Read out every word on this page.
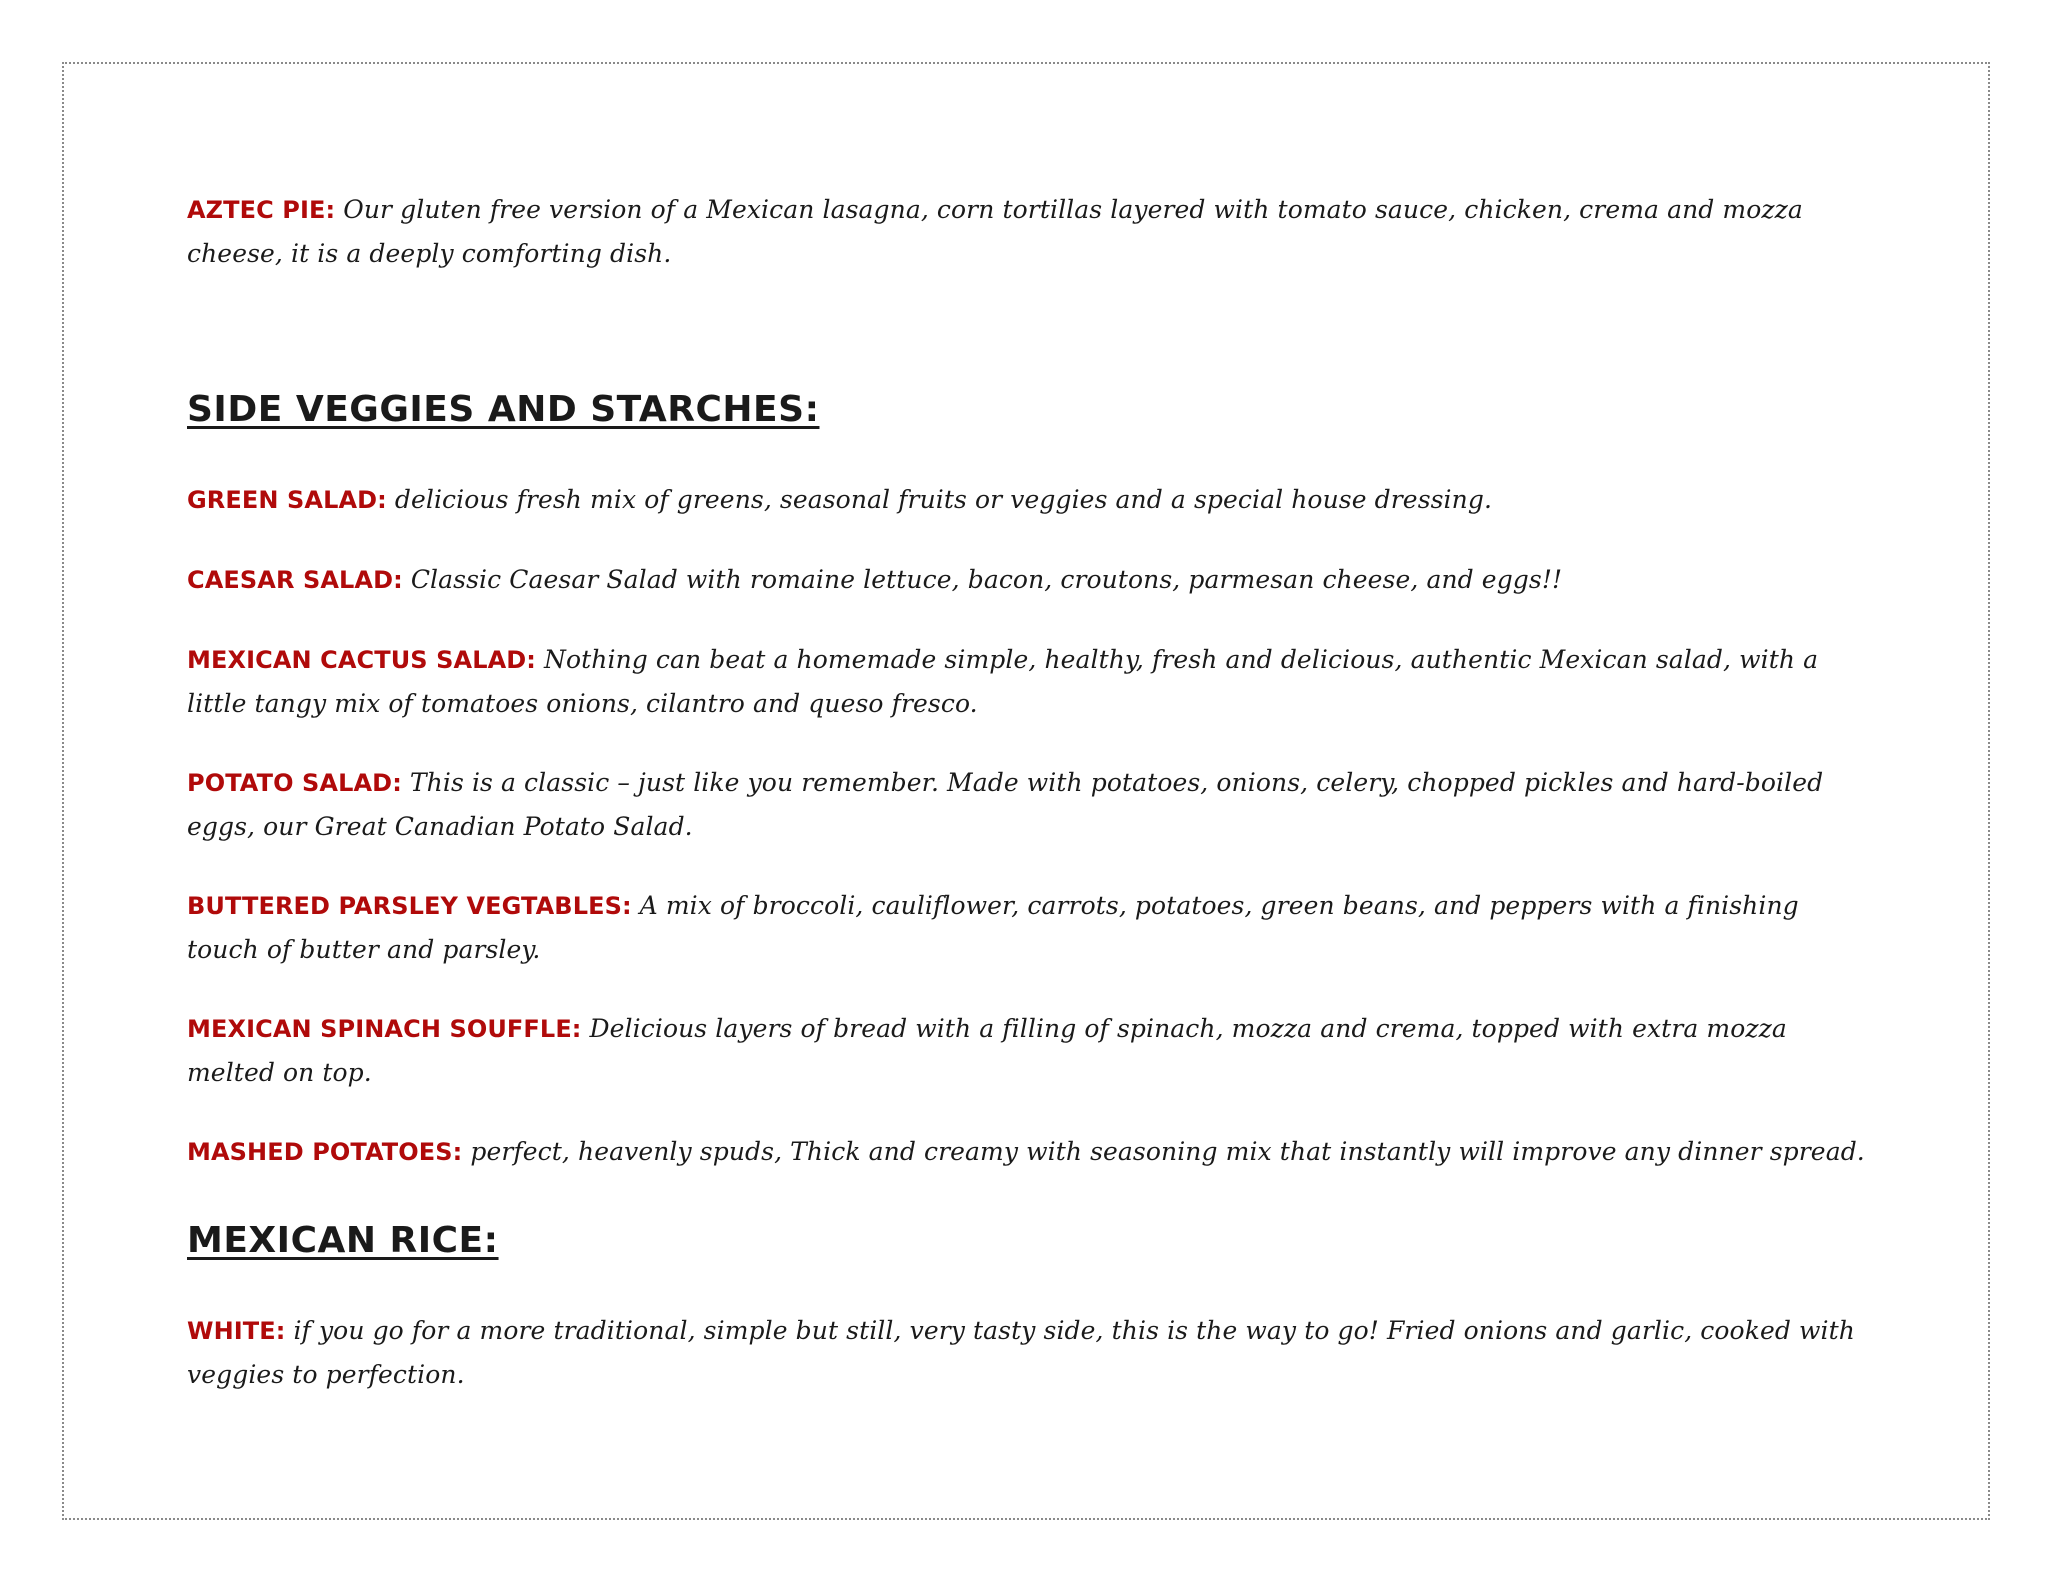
AZTEC PIE: Our gluten free version of a Mexican lasagna, corn tortillas layered with tomato sauce, chicken, crema and mozza cheese, it is a deeply comforting dish.

SIDE VEGGIES AND STARCHES:

GREEN SALAD: delicious fresh mix of greens, seasonal fruits or veggies and a special house dressing.

CAESAR SALAD: Classic Caesar Salad with romaine lettuce, bacon, croutons, parmesan cheese, and eggs!!

MEXICAN CACTUS SALAD: Nothing can beat a homemade simple, healthy, fresh and delicious, authentic Mexican salad, with a little tangy mix of tomatoes onions, cilantro and queso fresco.

POTATO SALAD: This is a classic – just like you remember. Made with potatoes, onions, celery, chopped pickles and hard-boiled eggs, our Great Canadian Potato Salad.

BUTTERED PARSLEY VEGTABLES: A mix of broccoli, cauliflower, carrots, potatoes, green beans, and peppers with a finishing touch of butter and parsley.

MEXICAN SPINACH SOUFFLE: Delicious layers of bread with a filling of spinach, mozza and crema, topped with extra mozza melted on top.

MASHED POTATOES: perfect, heavenly spuds, Thick and creamy with seasoning mix that instantly will improve any dinner spread.

MEXICAN RICE:

WHITE: if you go for a more traditional, simple but still, very tasty side, this is the way to go! Fried onions and garlic, cooked with veggies to perfection.
